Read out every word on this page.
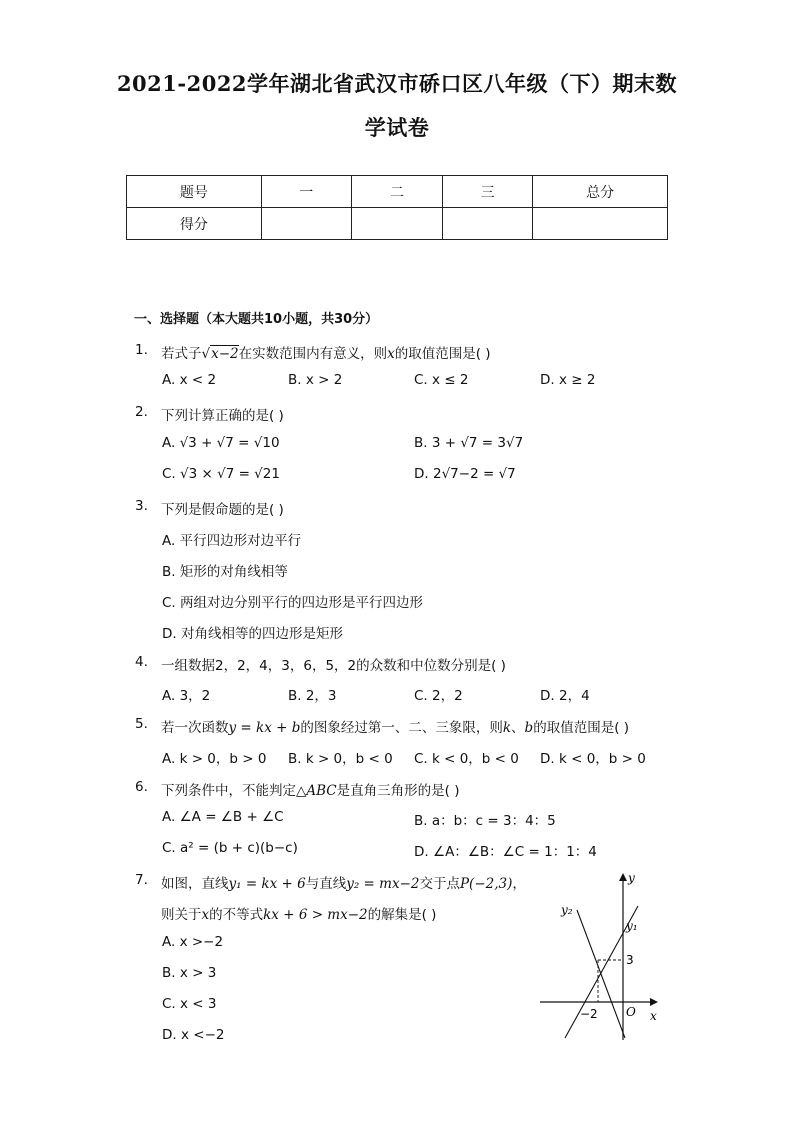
2021-2022学年湖北省武汉市硚口区八年级（下）期末数
学试卷
题号	一	二	三	总分
得分				
一、选择题（本大题共10小题，共30分）
1. 若式子√x−2在实数范围内有意义，则x的取值范围是( )
A. x < 2	B. x > 2	C. x ≤ 2	D. x ≥ 2
2. 下列计算正确的是( )
A. √3 + √7 = √10	B. 3 + √7 = 3√7
C. √3 × √7 = √21	D. 2√7−2 = √7
3. 下列是假命题的是( )
A. 平行四边形对边平行
B. 矩形的对角线相等
C. 两组对边分别平行的四边形是平行四边形
D. 对角线相等的四边形是矩形
4. 一组数据2，2，4，3，6，5，2的众数和中位数分别是( )
A. 3，2	B. 2，3	C. 2，2	D. 2，4
5. 若一次函数y = kx + b的图象经过第一、二、三象限，则k、b的取值范围是( )
A. k > 0，b > 0 B. k > 0，b < 0 C. k < 0，b < 0 D. k < 0，b > 0
6. 下列条件中，不能判定△ABC是直角三角形的是( )
A. ∠A = ∠B + ∠C	B. a：b：c = 3：4：5
C. a² = (b + c)(b−c)	D. ∠A：∠B：∠C = 1：1：4
7. 如图，直线y₁ = kx + 6与直线y₂ = mx−2交于点P(−2,3)，
则关于x的不等式kx + 6 > mx−2的解集是( )
A. x >−2
B. x > 3
C. x < 3
D. x <−2
y
x
O
y₁
y₂
3
−2
